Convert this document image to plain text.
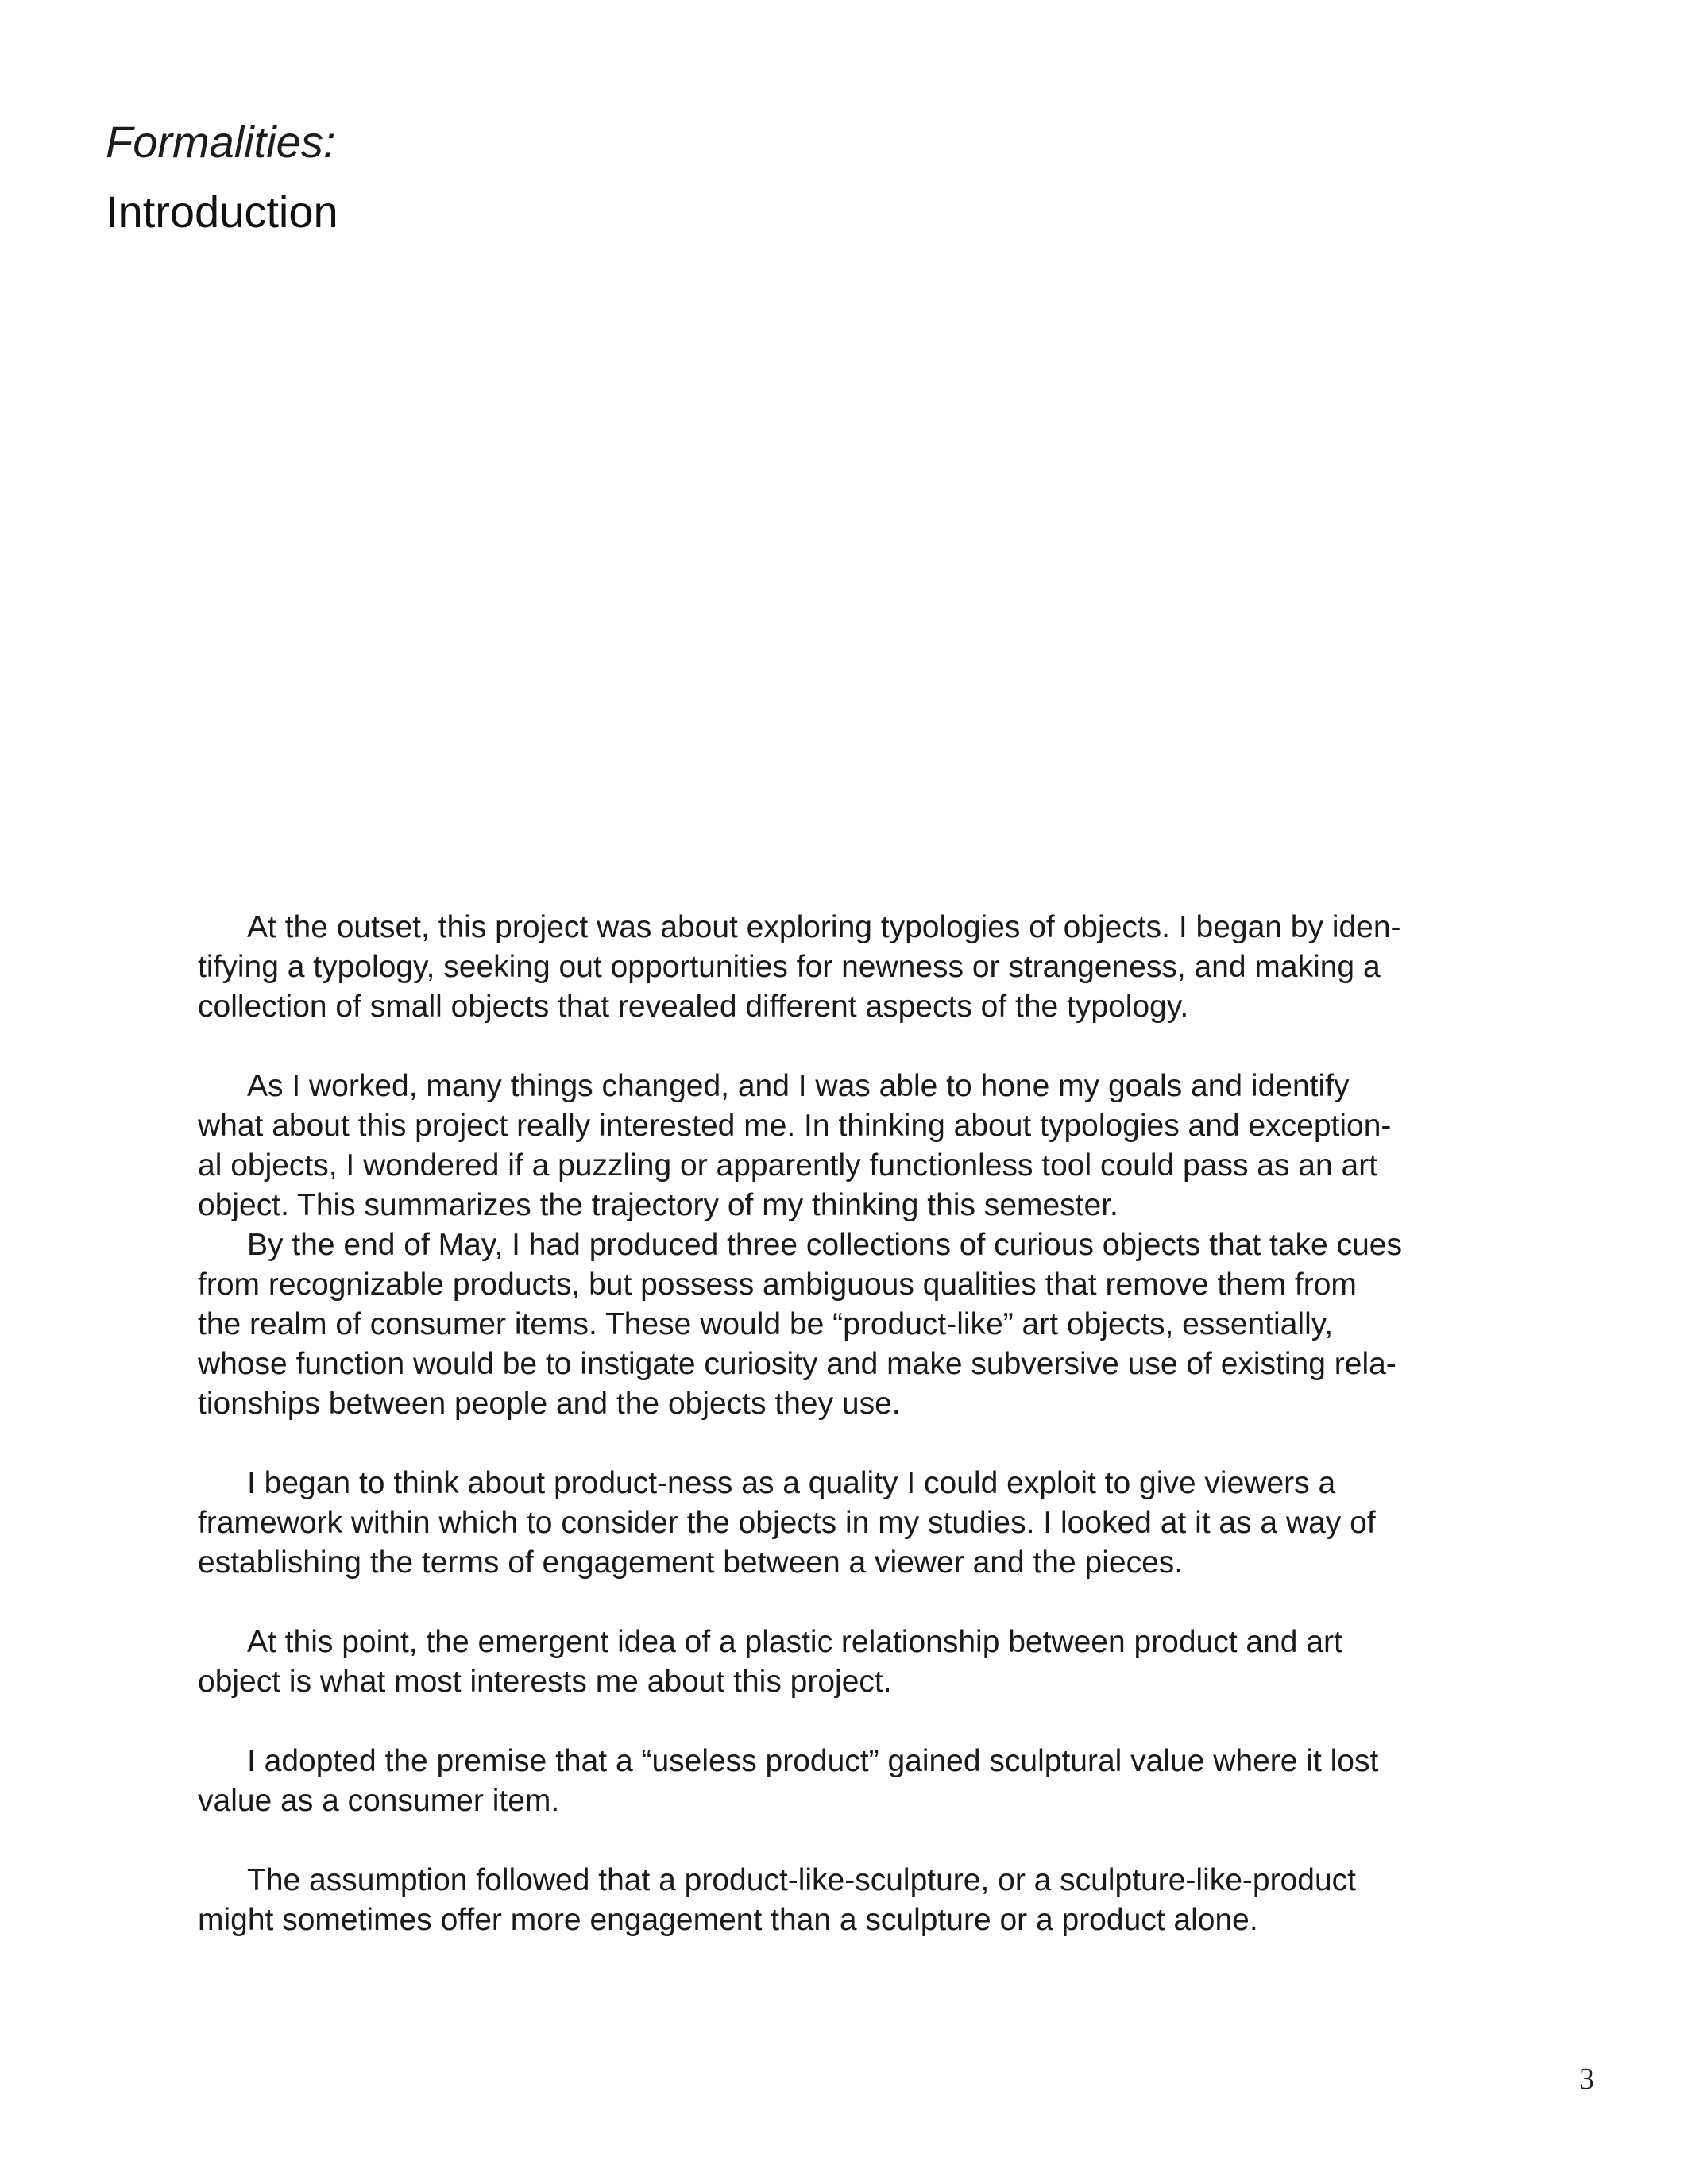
Formalities:

Introduction

At the outset, this project was about exploring typologies of objects. I began by iden-
tifying a typology, seeking out opportunities for newness or strangeness, and making a
collection of small objects that revealed different aspects of the typology.

As I worked, many things changed, and I was able to hone my goals and identify
what about this project really interested me. In thinking about typologies and exception-
al objects, I wondered if a puzzling or apparently functionless tool could pass as an art
object. This summarizes the trajectory of my thinking this semester.

By the end of May, I had produced three collections of curious objects that take cues
from recognizable products, but possess ambiguous qualities that remove them from
the realm of consumer items. These would be “product-like” art objects, essentially,
whose function would be to instigate curiosity and make subversive use of existing rela-
tionships between people and the objects they use.

I began to think about product-ness as a quality I could exploit to give viewers a
framework within which to consider the objects in my studies. I looked at it as a way of
establishing the terms of engagement between a viewer and the pieces.

At this point, the emergent idea of a plastic relationship between product and art
object is what most interests me about this project.

I adopted the premise that a “useless product” gained sculptural value where it lost
value as a consumer item.

The assumption followed that a product-like-sculpture, or a sculpture-like-product
might sometimes offer more engagement than a sculpture or a product alone.

3
